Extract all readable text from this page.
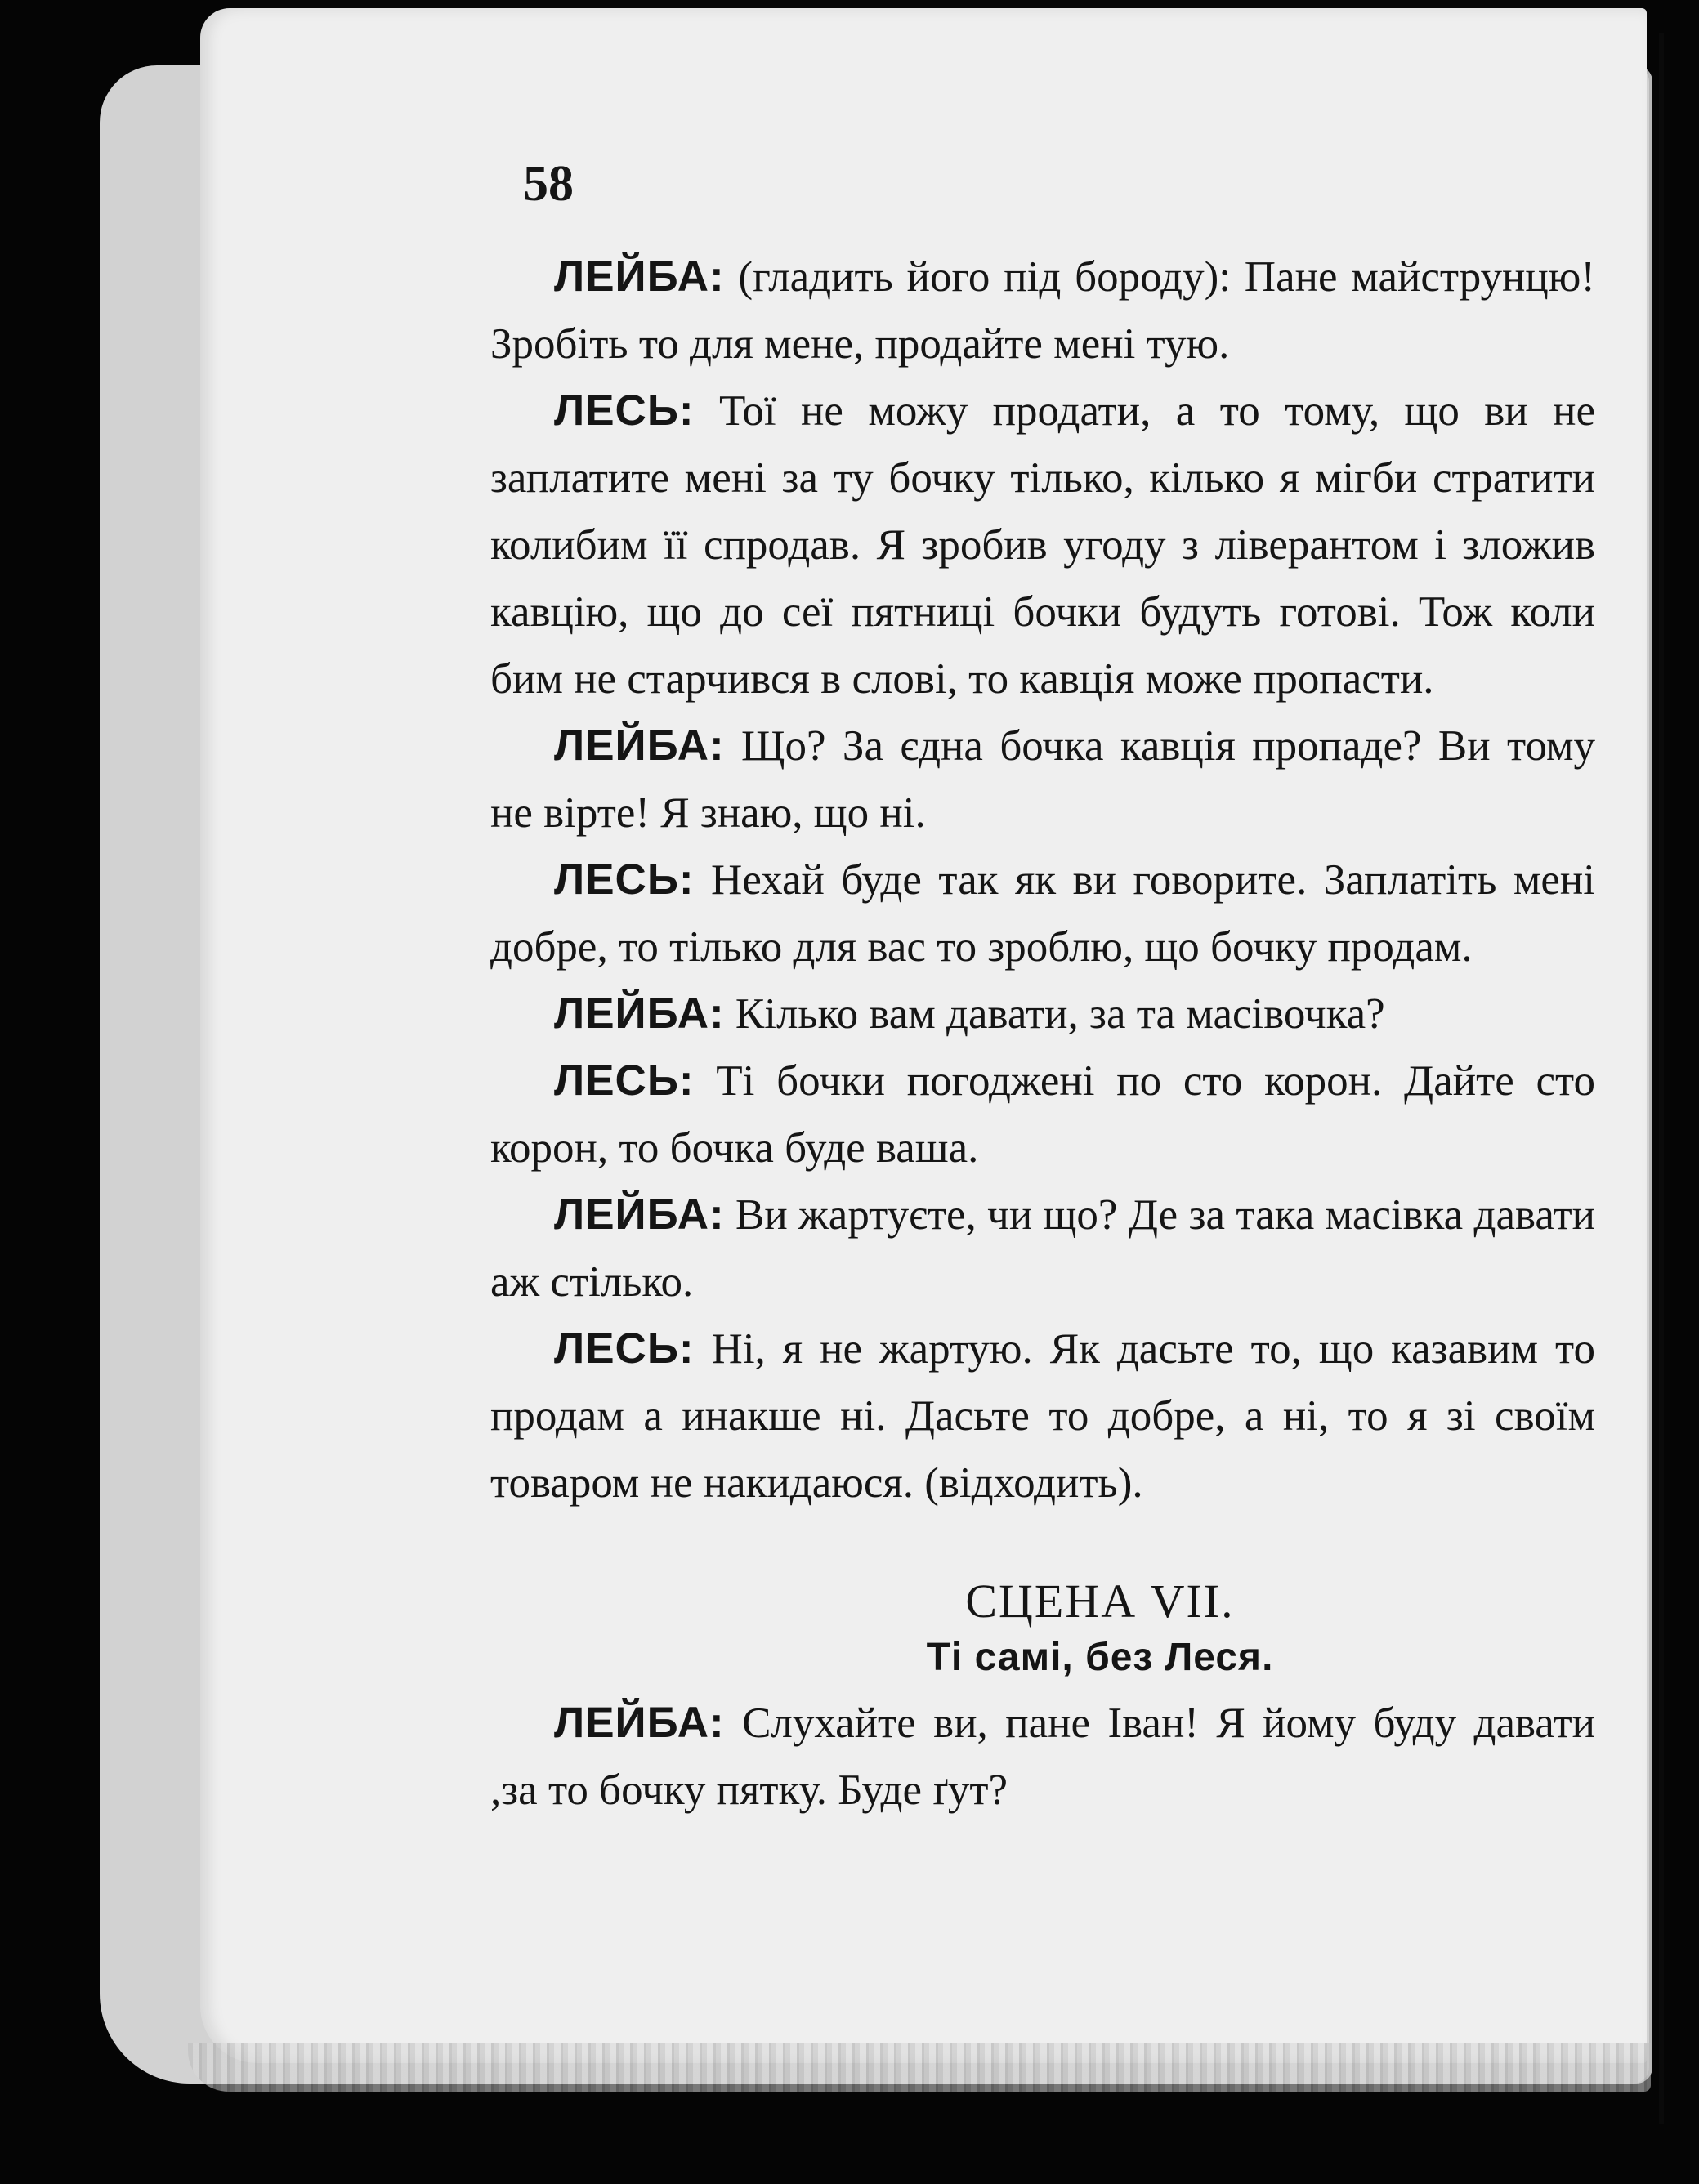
58

ЛЕЙБА: (гладить його під бороду): Пане майструнцю! Зробіть то для мене, продайте мені тую.

ЛЕСЬ: Тої не можу продати, а то тому, що ви не заплатите мені за ту бочку тілько, кілько я мігби стратити колибим її спродав. Я зробив угоду з ліверантом і зложив кавцію, що до сеї пятниці бочки будуть готові. Тож коли бим не старчився в слові, то кавція може пропасти.

ЛЕЙБА: Що? За єдна бочка кавція пропаде? Ви тому не вірте! Я знаю, що ні.

ЛЕСЬ: Нехай буде так як ви говорите. Заплатіть мені добре, то тілько для вас то зроблю, що бочку продам.

ЛЕЙБА: Кілько вам давати, за та масівочка?

ЛЕСЬ: Ті бочки погоджені по сто корон. Дайте сто корон, то бочка буде ваша.

ЛЕЙБА: Ви жартуєте, чи що? Де за така масівка давати аж стілько.

ЛЕСЬ: Ні, я не жартую. Як дасьте то, що казавим то продам а инакше ні. Дасьте то добре, а ні, то я зі своїм товаром не накидаюся. (відходить).

СЦЕНА VII.
Ті самі, без Леся.

ЛЕЙБА: Слухайте ви, пане Іван! Я йому буду давати ,за то бочку пятку. Буде ґут?
